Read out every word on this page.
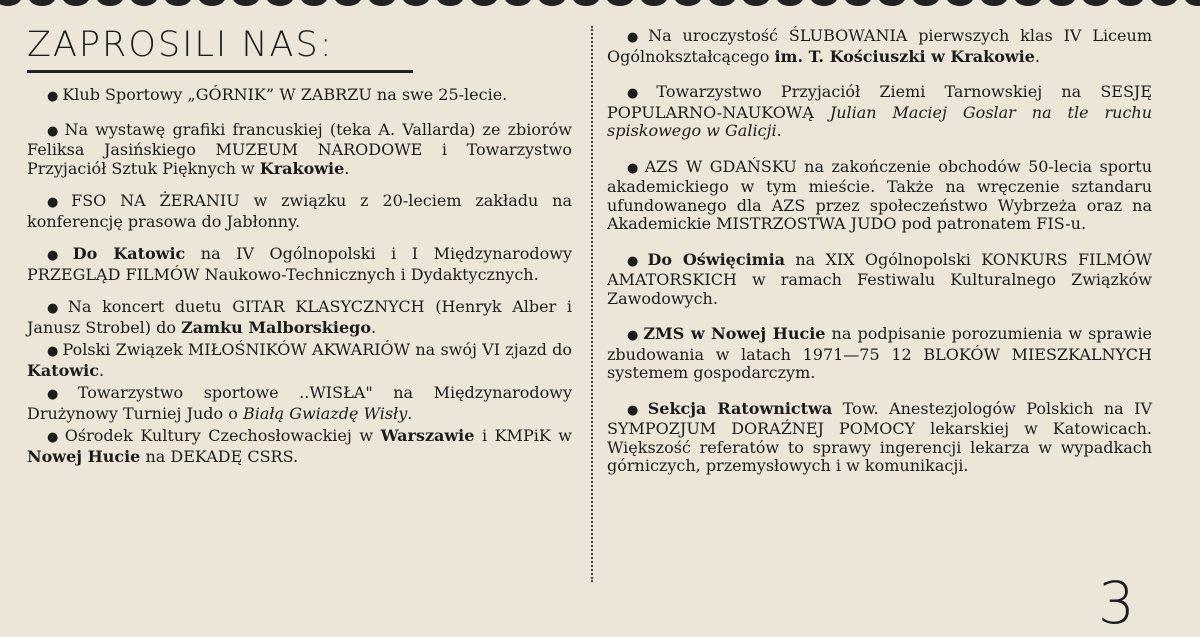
ZAPROSILI NAS:

● Klub Sportowy „GÓRNIK” W ZABRZU na swe 25-lecie.

● Na wystawę grafiki francuskiej (teka A. Vallarda) ze zbiorów Feliksa Jasińskiego MUZEUM NARODOWE i Towarzystwo Przyjaciół Sztuk Pięknych w Krakowie.

● FSO NA ŻERANIU w związku z 20-leciem zakładu na konferencję prasowa do Jabłonny.

● Do Katowic na IV Ogólnopolski i I Międzynarodowy PRZEGLĄD FILMÓW Naukowo-Technicznych i Dydaktycznych.

● Na koncert duetu GITAR KLASYCZNYCH (Henryk Alber i Janusz Strobel) do Zamku Malborskiego.

● Polski Związek MIŁOŚNIKÓW AKWARIÓW na swój VI zjazd do Katowic.

● Towarzystwo sportowe ..WISŁA" na Międzynarodowy Drużynowy Turniej Judo o Białą Gwiazdę Wisły.

● Ośrodek Kultury Czechosłowackiej w Warszawie i KMPiK w Nowej Hucie na DEKADĘ CSRS.

● Na uroczystość ŚLUBOWANIA pierwszych klas IV Liceum Ogólnokształcącego im. T. Kościuszki w Krakowie.

● Towarzystwo Przyjaciół Ziemi Tarnowskiej na SESJĘ POPULARNO-NAUKOWĄ Julian Maciej Goslar na tle ruchu spiskowego w Galicji.

● AZS W GDAŃSKU na zakończenie obchodów 50-lecia sportu akademickiego w tym mieście. Także na wręczenie sztandaru ufundowanego dla AZS przez społeczeństwo Wybrzeża oraz na Akademickie MISTRZOSTWA JUDO pod patronatem FIS-u.

● Do Oświęcimia na XIX Ogólnopolski KONKURS FILMÓW AMATORSKICH w ramach Festiwalu Kulturalnego Związków Zawodowych.

● ZMS w Nowej Hucie na podpisanie porozumienia w sprawie zbudowania w latach 1971—75 12 BLOKÓW MIESZKALNYCH systemem gospodarczym.

● Sekcja Ratownictwa Tow. Anestezjologów Polskich na IV SYMPOZJUM DORAŹNEJ POMOCY lekarskiej w Katowicach. Większość referatów to sprawy ingerencji lekarza w wypadkach górniczych, przemysłowych i w komunikacji.

3
